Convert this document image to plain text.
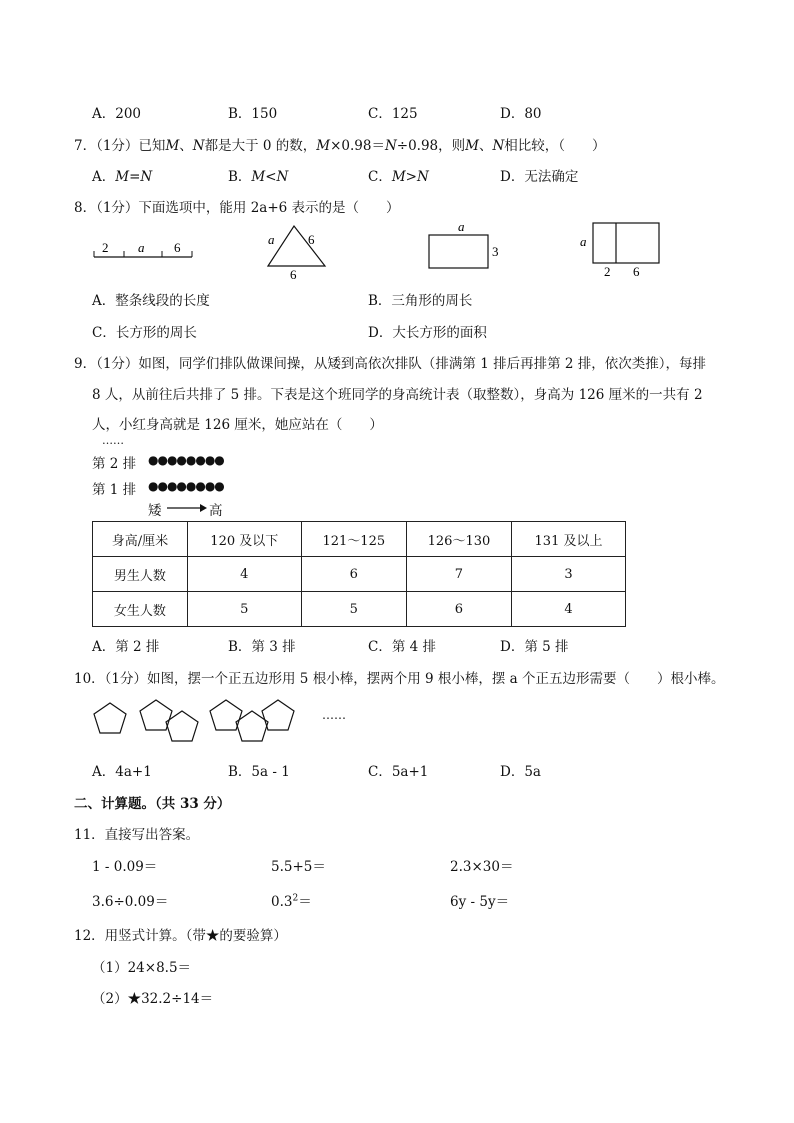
A．200	B．150	C．125	D．80
7．（1分）已知M、N都是大于 0 的数，M×0.98＝N÷0.98，则M、N相比较，（　　）
A．M=N	B．M<N	C．M>N	D．无法确定
8．（1分）下面选项中，能用 2a+6 表示的是（　　）
2 a 6
a	6
6
a
3
a
2 6
A．整条线段的长度	B．三角形的周长
C．长方形的周长	D．大长方形的面积
9．（1分）如图，同学们排队做课间操，从矮到高依次排队（排满第 1 排后再排第 2 排，依次类推），每排
8 人，从前往后共排了 5 排。下表是这个班同学的身高统计表（取整数），身高为 126 厘米的一共有 2
人，小红身高就是 126 厘米，她应站在（　　）
……
第 2 排 ●●●●●●●●
第 1 排 ●●●●●●●●
矮	高
身高/厘米	120 及以下	121～125	126～130	131 及以上
男生人数	4	6	7	3
女生人数	5	5	6	4
A．第 2 排	B．第 3 排	C．第 4 排	D．第 5 排
10．（1分）如图，摆一个正五边形用 5 根小棒，摆两个用 9 根小棒，摆 a 个正五边形需要（　　）根小棒。
……
A．4a+1	B．5a - 1	C．5a+1	D．5a
二、计算题。（共 33 分）
11．直接写出答案。
1 - 0.09＝	5.5+5＝	2.3×30＝
3.6÷0.09＝	$0.3^2=$	6y - 5y＝
12．用竖式计算。（带★的要验算）
（1）24×8.5＝
（2）★32.2÷14＝
